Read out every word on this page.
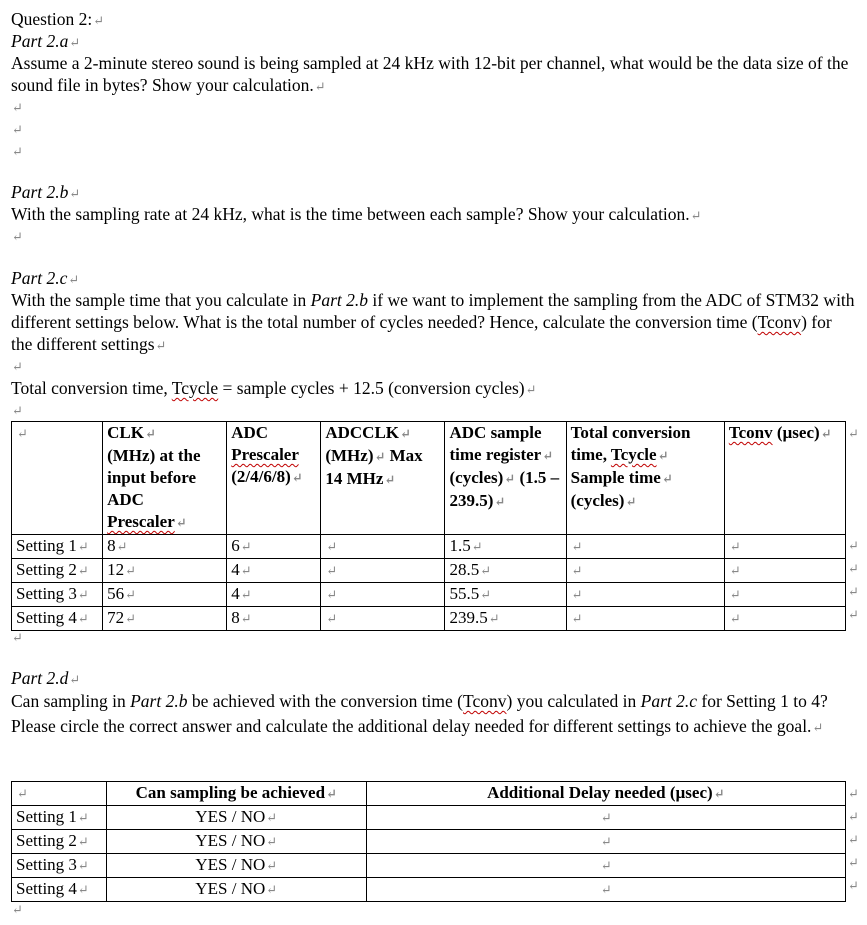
Question 2:↵
Part 2.a↵
Assume a 2-minute stereo sound is being sampled at 24 kHz with 12-bit per channel, what would be the data size of the sound file in bytes? Show your calculation.↵
↵
↵
↵
Part 2.b↵
With the sampling rate at 24 kHz, what is the time between each sample? Show your calculation.↵
↵
Part 2.c↵
With the sample time that you calculate in Part 2.b if we want to implement the sampling from the ADC of STM32 with different settings below. What is the total number of cycles needed? Hence, calculate the conversion time (Tconv) for the different settings↵
↵
Total conversion time, Tcycle = sample cycles + 12.5 (conversion cycles)↵
↵
↵	CLK↵
(MHz) at the input before ADC Prescaler↵	ADC Prescaler (2/4/6/8)↵	ADCCLK↵ (MHz)↵ Max 14 MHz↵	ADC sample time register↵ (cycles)↵ (1.5 – 239.5)↵	Total conversion time, Tcycle↵ Sample time↵ (cycles)↵	Tconv (µsec)↵
Setting 1↵	8↵	6↵	↵	1.5↵	↵	↵
Setting 2↵	12↵	4↵	↵	28.5↵	↵	↵
Setting 3↵	56↵	4↵	↵	55.5↵	↵	↵
Setting 4↵	72↵	8↵	↵	239.5↵	↵	↵
↵
Part 2.d↵
Can sampling in Part 2.b be achieved with the conversion time (Tconv) you calculated in Part 2.c for Setting 1 to 4? Please circle the correct answer and calculate the additional delay needed for different settings to achieve the goal.↵
↵	Can sampling be achieved↵	Additional Delay needed (µsec)↵
Setting 1↵	YES / NO↵	↵
Setting 2↵	YES / NO↵	↵
Setting 3↵	YES / NO↵	↵
Setting 4↵	YES / NO↵	↵
↵
↵
↵
↵
↵
↵
↵
↵
↵
↵
↵
